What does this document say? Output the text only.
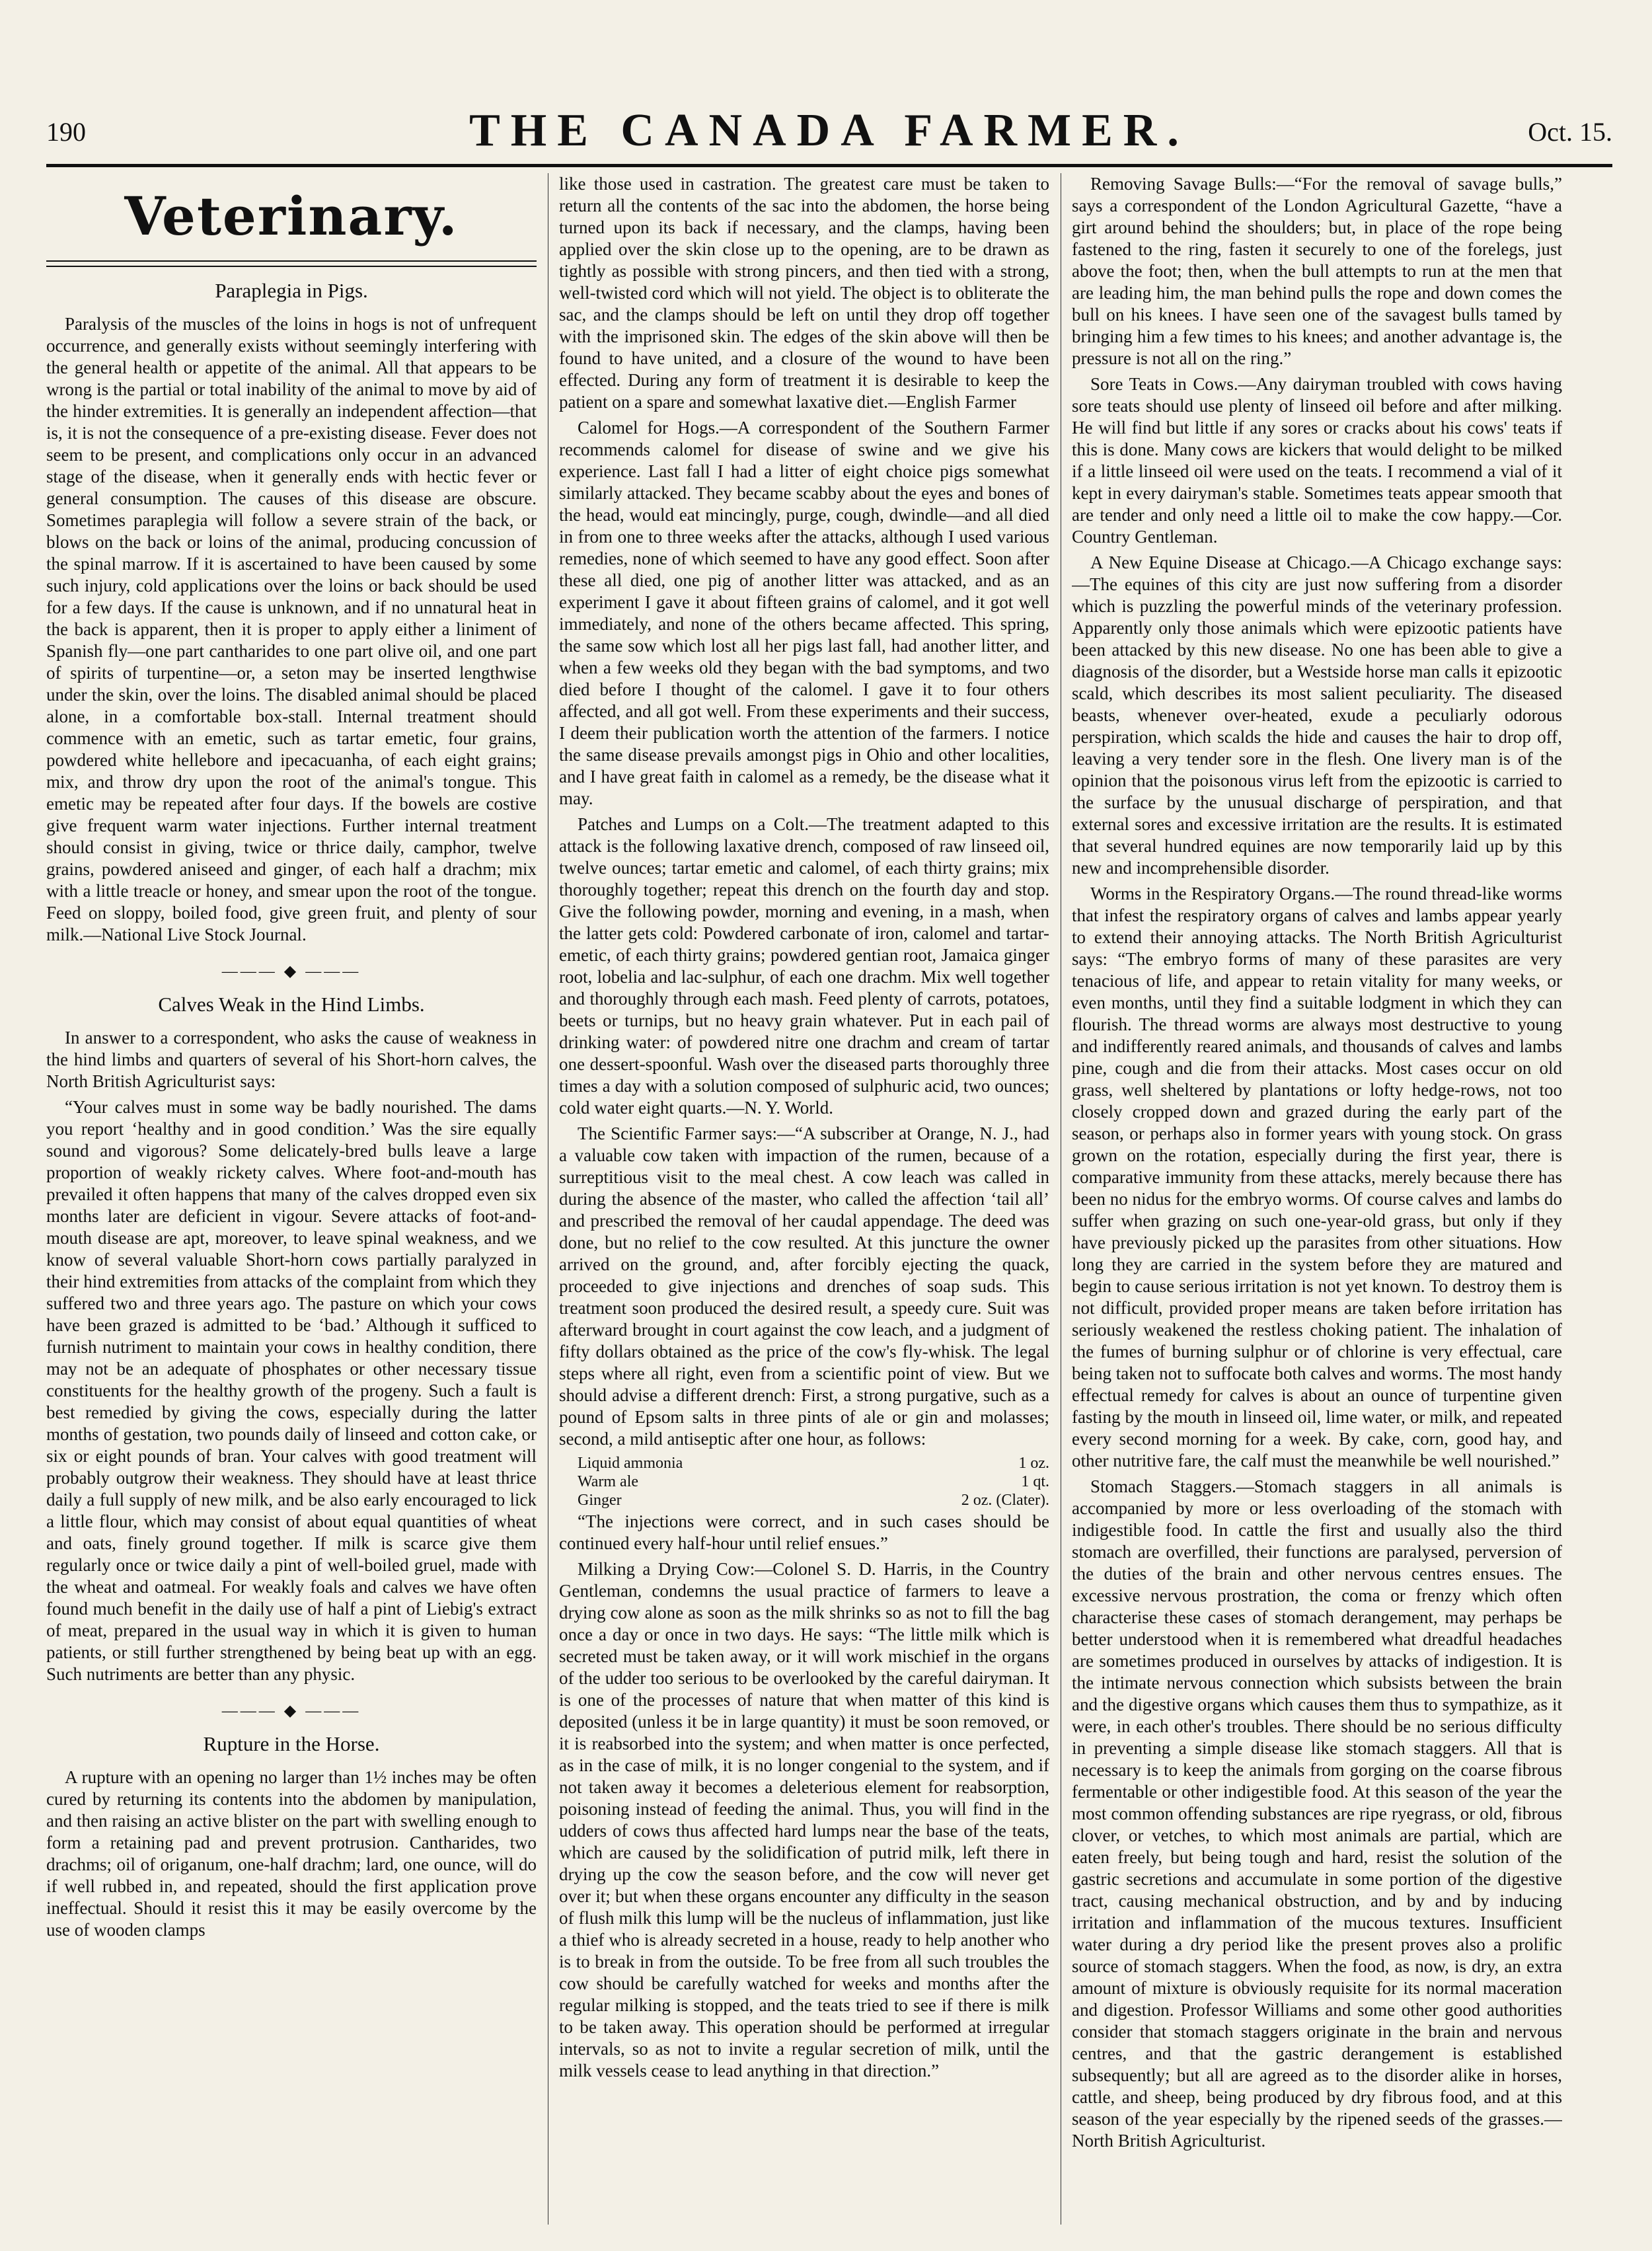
190	THE CANADA FARMER.	Oct. 15.
Veterinary.
Paraplegia in Pigs.

Paralysis of the muscles of the loins in hogs is not of unfrequent occurrence, and generally exists without seemingly interfering with the general health or appetite of the animal. All that appears to be wrong is the partial or total inability of the animal to move by aid of the hinder extremities. It is generally an independent affection—that is, it is not the consequence of a pre-existing disease. Fever does not seem to be present, and complications only occur in an advanced stage of the disease, when it generally ends with hectic fever or general consumption. The causes of this disease are obscure. Sometimes paraplegia will follow a severe strain of the back, or blows on the back or loins of the animal, producing concussion of the spinal marrow. If it is ascertained to have been caused by some such injury, cold applications over the loins or back should be used for a few days. If the cause is unknown, and if no unnatural heat in the back is apparent, then it is proper to apply either a liniment of Spanish fly—one part cantharides to one part olive oil, and one part of spirits of turpentine—or, a seton may be inserted lengthwise under the skin, over the loins. The disabled animal should be placed alone, in a comfortable box-stall. Internal treatment should commence with an emetic, such as tartar emetic, four grains, powdered white hellebore and ipecacuanha, of each eight grains; mix, and throw dry upon the root of the animal's tongue. This emetic may be repeated after four days. If the bowels are costive give frequent warm water injections. Further internal treatment should consist in giving, twice or thrice daily, camphor, twelve grains, powdered aniseed and ginger, of each half a drachm; mix with a little treacle or honey, and smear upon the root of the tongue. Feed on sloppy, boiled food, give green fruit, and plenty of sour milk.—National Live Stock Journal.

——— ◆ ———
Calves Weak in the Hind Limbs.

In answer to a correspondent, who asks the cause of weakness in the hind limbs and quarters of several of his Short-horn calves, the North British Agriculturist says:

“Your calves must in some way be badly nourished. The dams you report ‘healthy and in good condition.’ Was the sire equally sound and vigorous? Some delicately-bred bulls leave a large proportion of weakly rickety calves. Where foot-and-mouth has prevailed it often happens that many of the calves dropped even six months later are deficient in vigour. Severe attacks of foot-and-mouth disease are apt, moreover, to leave spinal weakness, and we know of several valuable Short-horn cows partially paralyzed in their hind extremities from attacks of the complaint from which they suffered two and three years ago. The pasture on which your cows have been grazed is admitted to be ‘bad.’ Although it sufficed to furnish nutriment to maintain your cows in healthy condition, there may not be an adequate of phosphates or other necessary tissue constituents for the healthy growth of the progeny. Such a fault is best remedied by giving the cows, especially during the latter months of gestation, two pounds daily of linseed and cotton cake, or six or eight pounds of bran. Your calves with good treatment will probably outgrow their weakness. They should have at least thrice daily a full supply of new milk, and be also early encouraged to lick a little flour, which may consist of about equal quantities of wheat and oats, finely ground together. If milk is scarce give them regularly once or twice daily a pint of well-boiled gruel, made with the wheat and oatmeal. For weakly foals and calves we have often found much benefit in the daily use of half a pint of Liebig's extract of meat, prepared in the usual way in which it is given to human patients, or still further strengthened by being beat up with an egg. Such nutriments are better than any physic.

——— ◆ ———
Rupture in the Horse.

A rupture with an opening no larger than 1½ inches may be often cured by returning its contents into the abdomen by manipulation, and then raising an active blister on the part with swelling enough to form a retaining pad and prevent protrusion. Cantharides, two drachms; oil of origanum, one-half drachm; lard, one ounce, will do if well rubbed in, and repeated, should the first application prove ineffectual. Should it resist this it may be easily overcome by the use of wooden clamps

like those used in castration. The greatest care must be taken to return all the contents of the sac into the abdomen, the horse being turned upon its back if necessary, and the clamps, having been applied over the skin close up to the opening, are to be drawn as tightly as possible with strong pincers, and then tied with a strong, well-twisted cord which will not yield. The object is to obliterate the sac, and the clamps should be left on until they drop off together with the imprisoned skin. The edges of the skin above will then be found to have united, and a closure of the wound to have been effected. During any form of treatment it is desirable to keep the patient on a spare and somewhat laxative diet.—English Farmer

Calomel for Hogs.—A correspondent of the Southern Farmer recommends calomel for disease of swine and we give his experience. Last fall I had a litter of eight choice pigs somewhat similarly attacked. They became scabby about the eyes and bones of the head, would eat mincingly, purge, cough, dwindle—and all died in from one to three weeks after the attacks, although I used various remedies, none of which seemed to have any good effect. Soon after these all died, one pig of another litter was attacked, and as an experiment I gave it about fifteen grains of calomel, and it got well immediately, and none of the others became affected. This spring, the same sow which lost all her pigs last fall, had another litter, and when a few weeks old they began with the bad symptoms, and two died before I thought of the calomel. I gave it to four others affected, and all got well. From these experiments and their success, I deem their publication worth the attention of the farmers. I notice the same disease prevails amongst pigs in Ohio and other localities, and I have great faith in calomel as a remedy, be the disease what it may.

Patches and Lumps on a Colt.—The treatment adapted to this attack is the following laxative drench, composed of raw linseed oil, twelve ounces; tartar emetic and calomel, of each thirty grains; mix thoroughly together; repeat this drench on the fourth day and stop. Give the following powder, morning and evening, in a mash, when the latter gets cold: Powdered carbonate of iron, calomel and tartar-emetic, of each thirty grains; powdered gentian root, Jamaica ginger root, lobelia and lac-sulphur, of each one drachm. Mix well together and thoroughly through each mash. Feed plenty of carrots, potatoes, beets or turnips, but no heavy grain whatever. Put in each pail of drinking water: of powdered nitre one drachm and cream of tartar one dessert-spoonful. Wash over the diseased parts thoroughly three times a day with a solution composed of sulphuric acid, two ounces; cold water eight quarts.—N. Y. World.

The Scientific Farmer says:—“A subscriber at Orange, N. J., had a valuable cow taken with impaction of the rumen, because of a surreptitious visit to the meal chest. A cow leach was called in during the absence of the master, who called the affection ‘tail all’ and prescribed the removal of her caudal appendage. The deed was done, but no relief to the cow resulted. At this juncture the owner arrived on the ground, and, after forcibly ejecting the quack, proceeded to give injections and drenches of soap suds. This treatment soon produced the desired result, a speedy cure. Suit was afterward brought in court against the cow leach, and a judgment of fifty dollars obtained as the price of the cow's fly-whisk. The legal steps where all right, even from a scientific point of view. But we should advise a different drench: First, a strong purgative, such as a pound of Epsom salts in three pints of ale or gin and molasses; second, a mild antiseptic after one hour, as follows:

Liquid ammonia	1 oz.
Warm ale	1 qt.
Ginger	2 oz. (Clater).

“The injections were correct, and in such cases should be continued every half-hour until relief ensues.”

Milking a Drying Cow:—Colonel S. D. Harris, in the Country Gentleman, condemns the usual practice of farmers to leave a drying cow alone as soon as the milk shrinks so as not to fill the bag once a day or once in two days. He says: “The little milk which is secreted must be taken away, or it will work mischief in the organs of the udder too serious to be overlooked by the careful dairyman. It is one of the processes of nature that when matter of this kind is deposited (unless it be in large quantity) it must be soon removed, or it is reabsorbed into the system; and when matter is once perfected, as in the case of milk, it is no longer congenial to the system, and if not taken away it becomes a deleterious element for reabsorption, poisoning instead of feeding the animal. Thus, you will find in the udders of cows thus affected hard lumps near the base of the teats, which are caused by the solidification of putrid milk, left there in drying up the cow the season before, and the cow will never get over it; but when these organs encounter any difficulty in the season of flush milk this lump will be the nucleus of inflammation, just like a thief who is already secreted in a house, ready to help another who is to break in from the outside. To be free from all such troubles the cow should be carefully watched for weeks and months after the regular milking is stopped, and the teats tried to see if there is milk to be taken away. This operation should be performed at irregular intervals, so as not to invite a regular secretion of milk, until the milk vessels cease to lead anything in that direction.”

Removing Savage Bulls:—“For the removal of savage bulls,” says a correspondent of the London Agricultural Gazette, “have a girt around behind the shoulders; but, in place of the rope being fastened to the ring, fasten it securely to one of the forelegs, just above the foot; then, when the bull attempts to run at the men that are leading him, the man behind pulls the rope and down comes the bull on his knees. I have seen one of the savagest bulls tamed by bringing him a few times to his knees; and another advantage is, the pressure is not all on the ring.”

Sore Teats in Cows.—Any dairyman troubled with cows having sore teats should use plenty of linseed oil before and after milking. He will find but little if any sores or cracks about his cows' teats if this is done. Many cows are kickers that would delight to be milked if a little linseed oil were used on the teats. I recommend a vial of it kept in every dairyman's stable. Sometimes teats appear smooth that are tender and only need a little oil to make the cow happy.—Cor. Country Gentleman.

A New Equine Disease at Chicago.—A Chicago exchange says:—The equines of this city are just now suffering from a disorder which is puzzling the powerful minds of the veterinary profession. Apparently only those animals which were epizootic patients have been attacked by this new disease. No one has been able to give a diagnosis of the disorder, but a Westside horse man calls it epizootic scald, which describes its most salient peculiarity. The diseased beasts, whenever over-heated, exude a peculiarly odorous perspiration, which scalds the hide and causes the hair to drop off, leaving a very tender sore in the flesh. One livery man is of the opinion that the poisonous virus left from the epizootic is carried to the surface by the unusual discharge of perspiration, and that external sores and excessive irritation are the results. It is estimated that several hundred equines are now temporarily laid up by this new and incomprehensible disorder.

Worms in the Respiratory Organs.—The round thread-like worms that infest the respiratory organs of calves and lambs appear yearly to extend their annoying attacks. The North British Agriculturist says: “The embryo forms of many of these parasites are very tenacious of life, and appear to retain vitality for many weeks, or even months, until they find a suitable lodgment in which they can flourish. The thread worms are always most destructive to young and indifferently reared animals, and thousands of calves and lambs pine, cough and die from their attacks. Most cases occur on old grass, well sheltered by plantations or lofty hedge-rows, not too closely cropped down and grazed during the early part of the season, or perhaps also in former years with young stock. On grass grown on the rotation, especially during the first year, there is comparative immunity from these attacks, merely because there has been no nidus for the embryo worms. Of course calves and lambs do suffer when grazing on such one-year-old grass, but only if they have previously picked up the parasites from other situations. How long they are carried in the system before they are matured and begin to cause serious irritation is not yet known. To destroy them is not difficult, provided proper means are taken before irritation has seriously weakened the restless choking patient. The inhalation of the fumes of burning sulphur or of chlorine is very effectual, care being taken not to suffocate both calves and worms. The most handy effectual remedy for calves is about an ounce of turpentine given fasting by the mouth in linseed oil, lime water, or milk, and repeated every second morning for a week. By cake, corn, good hay, and other nutritive fare, the calf must the meanwhile be well nourished.”

Stomach Staggers.—Stomach staggers in all animals is accompanied by more or less overloading of the stomach with indigestible food. In cattle the first and usually also the third stomach are overfilled, their functions are paralysed, perversion of the duties of the brain and other nervous centres ensues. The excessive nervous prostration, the coma or frenzy which often characterise these cases of stomach derangement, may perhaps be better understood when it is remembered what dreadful headaches are sometimes produced in ourselves by attacks of indigestion. It is the intimate nervous connection which subsists between the brain and the digestive organs which causes them thus to sympathize, as it were, in each other's troubles. There should be no serious difficulty in preventing a simple disease like stomach staggers. All that is necessary is to keep the animals from gorging on the coarse fibrous fermentable or other indigestible food. At this season of the year the most common offending substances are ripe ryegrass, or old, fibrous clover, or vetches, to which most animals are partial, which are eaten freely, but being tough and hard, resist the solution of the gastric secretions and accumulate in some portion of the digestive tract, causing mechanical obstruction, and by and by inducing irritation and inflammation of the mucous textures. Insufficient water during a dry period like the present proves also a prolific source of stomach staggers. When the food, as now, is dry, an extra amount of mixture is obviously requisite for its normal maceration and digestion. Professor Williams and some other good authorities consider that stomach staggers originate in the brain and nervous centres, and that the gastric derangement is established subsequently; but all are agreed as to the disorder alike in horses, cattle, and sheep, being produced by dry fibrous food, and at this season of the year especially by the ripened seeds of the grasses.—North British Agriculturist.
